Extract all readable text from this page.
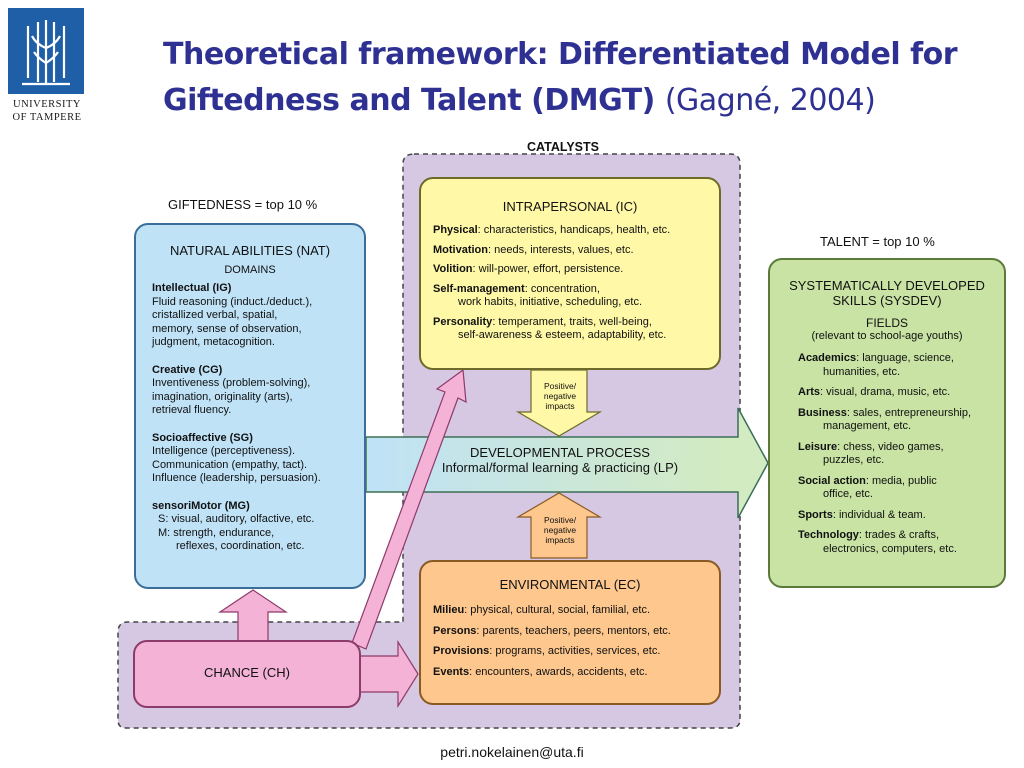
UNIVERSITY
OF TAMPERE
Theoretical framework: Differentiated Model for Giftedness and Talent (DMGT) (Gagné, 2004)
CATALYSTS
GIFTEDNESS = top 10 %
TALENT = top 10 %
NATURAL ABILITIES (NAT)
DOMAINS
Intellectual (IG)
Fluid reasoning (induct./deduct.),
cristallized verbal, spatial,
memory, sense of observation,
judgment, metacognition.
Creative (CG)
Inventiveness (problem-solving),
imagination, originality (arts),
retrieval fluency.
Socioaffective (SG)
Intelligence (perceptiveness).
Communication (empathy, tact).
Influence (leadership, persuasion).
sensoriMotor (MG)
S: visual, auditory, olfactive, etc.
M: strength, endurance,
reflexes, coordination, etc.
INTRAPERSONAL (IC)
Physical: characteristics, handicaps, health, etc.
Motivation: needs, interests, values, etc.
Volition: will-power, effort, persistence.
Self-management: concentration,
work habits, initiative, scheduling, etc.
Personality: temperament, traits, well-being,
self-awareness & esteem, adaptability, etc.
Positive/
negative
impacts
Positive/
negative
impacts
DEVELOPMENTAL PROCESS
Informal/formal learning & practicing (LP)
ENVIRONMENTAL (EC)
Milieu: physical, cultural, social, familial, etc.
Persons: parents, teachers, peers, mentors, etc.
Provisions: programs, activities, services, etc.
Events: encounters, awards, accidents, etc.
CHANCE (CH)
SYSTEMATICALLY DEVELOPED
SKILLS (SYSDEV)
FIELDS
(relevant to school-age youths)
Academics: language, science,
humanities, etc.
Arts: visual, drama, music, etc.
Business: sales, entrepreneurship,
management, etc.
Leisure: chess, video games,
puzzles, etc.
Social action: media, public
office, etc.
Sports: individual & team.
Technology: trades & crafts,
electronics, computers, etc.
petri.nokelainen@uta.fi
